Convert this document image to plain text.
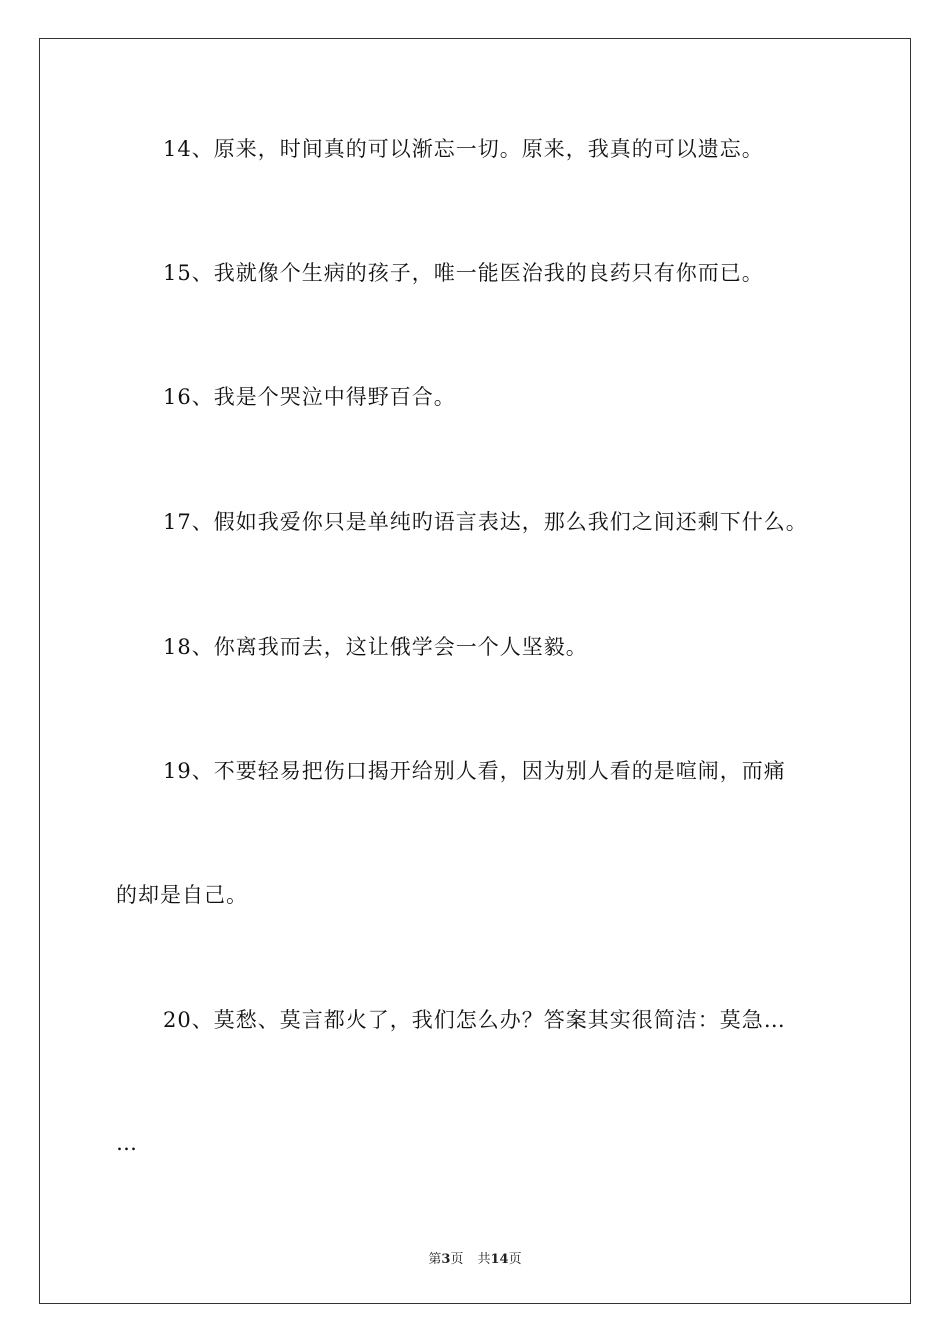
14、原来，时间真的可以渐忘一切。原来，我真的可以遗忘。
15、我就像个生病的孩子，唯一能医治我的良药只有你而已。
16、我是个哭泣中得野百合。
17、假如我爱你只是单纯旳语言表达，那么我们之间还剩下什么。
18、你离我而去，这让俄学会一个人坚毅。
19、不要轻易把伤口揭开给别人看，因为别人看的是喧闹，而痛
的却是自己。
20、莫愁、莫言都火了，我们怎么办？答案其实很简洁：莫急…
…
第3页 共14页
